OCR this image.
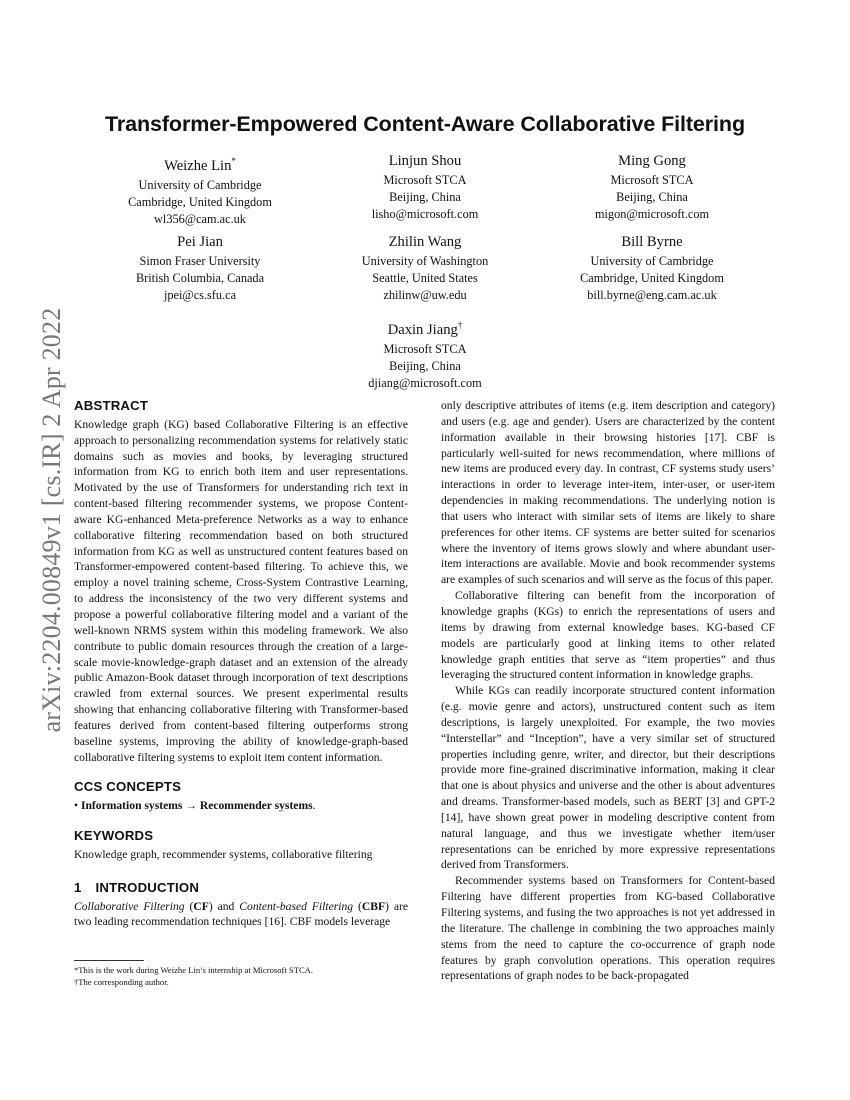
arXiv:2204.00849v1 [cs.IR] 2 Apr 2022
Transformer-Empowered Content-Aware Collaborative Filtering
Weizhe Lin*
University of Cambridge
Cambridge, United Kingdom
wl356@cam.ac.uk
Linjun Shou
Microsoft STCA
Beijing, China
lisho@microsoft.com
Ming Gong
Microsoft STCA
Beijing, China
migon@microsoft.com
Pei Jian
Simon Fraser University
British Columbia, Canada
jpei@cs.sfu.ca
Zhilin Wang
University of Washington
Seattle, United States
zhilinw@uw.edu
Bill Byrne
University of Cambridge
Cambridge, United Kingdom
bill.byrne@eng.cam.ac.uk
Daxin Jiang†
Microsoft STCA
Beijing, China
djiang@microsoft.com
ABSTRACT

Knowledge graph (KG) based Collaborative Filtering is an effective approach to personalizing recommendation systems for relatively static domains such as movies and books, by leveraging structured information from KG to enrich both item and user representations. Motivated by the use of Transformers for understanding rich text in content-based filtering recommender systems, we propose Content-aware KG-enhanced Meta-preference Networks as a way to enhance collaborative filtering recommendation based on both structured information from KG as well as unstructured content features based on Transformer-empowered content-based filtering. To achieve this, we employ a novel training scheme, Cross-System Contrastive Learning, to address the inconsistency of the two very different systems and propose a powerful collaborative filtering model and a variant of the well-known NRMS system within this modeling framework. We also contribute to public domain resources through the creation of a large-scale movie-knowledge-graph dataset and an extension of the already public Amazon-Book dataset through incorporation of text descriptions crawled from external sources. We present experimental results showing that enhancing collaborative filtering with Transformer-based features derived from content-based filtering outperforms strong baseline systems, improving the ability of knowledge-graph-based collaborative filtering systems to exploit item content information.

CCS CONCEPTS

• Information systems → Recommender systems.

KEYWORDS

Knowledge graph, recommender systems, collaborative filtering

1 INTRODUCTION

Collaborative Filtering (CF) and Content-based Filtering (CBF) are two leading recommendation techniques [16]. CBF models leverage

*This is the work during Weizhe Lin’s internship at Microsoft STCA.
†The corresponding author.

only descriptive attributes of items (e.g. item description and category) and users (e.g. age and gender). Users are characterized by the content information available in their browsing histories [17]. CBF is particularly well-suited for news recommendation, where millions of new items are produced every day. In contrast, CF systems study users’ interactions in order to leverage inter-item, inter-user, or user-item dependencies in making recommendations. The underlying notion is that users who interact with similar sets of items are likely to share preferences for other items. CF systems are better suited for scenarios where the inventory of items grows slowly and where abundant user-item interactions are available. Movie and book recommender systems are examples of such scenarios and will serve as the focus of this paper.

Collaborative filtering can benefit from the incorporation of knowledge graphs (KGs) to enrich the representations of users and items by drawing from external knowledge bases. KG-based CF models are particularly good at linking items to other related knowledge graph entities that serve as “item properties” and thus leveraging the structured content information in knowledge graphs.

While KGs can readily incorporate structured content information (e.g. movie genre and actors), unstructured content such as item descriptions, is largely unexploited. For example, the two movies “Interstellar” and “Inception”, have a very similar set of structured properties including genre, writer, and director, but their descriptions provide more fine-grained discriminative information, making it clear that one is about physics and universe and the other is about adventures and dreams. Transformer-based models, such as BERT [3] and GPT-2 [14], have shown great power in modeling descriptive content from natural language, and thus we investigate whether item/user representations can be enriched by more expressive representations derived from Transformers.

Recommender systems based on Transformers for Content-based Filtering have different properties from KG-based Collaborative Filtering systems, and fusing the two approaches is not yet addressed in the literature. The challenge in combining the two approaches mainly stems from the need to capture the co-occurrence of graph node features by graph convolution operations. This operation requires representations of graph nodes to be back-propagated
